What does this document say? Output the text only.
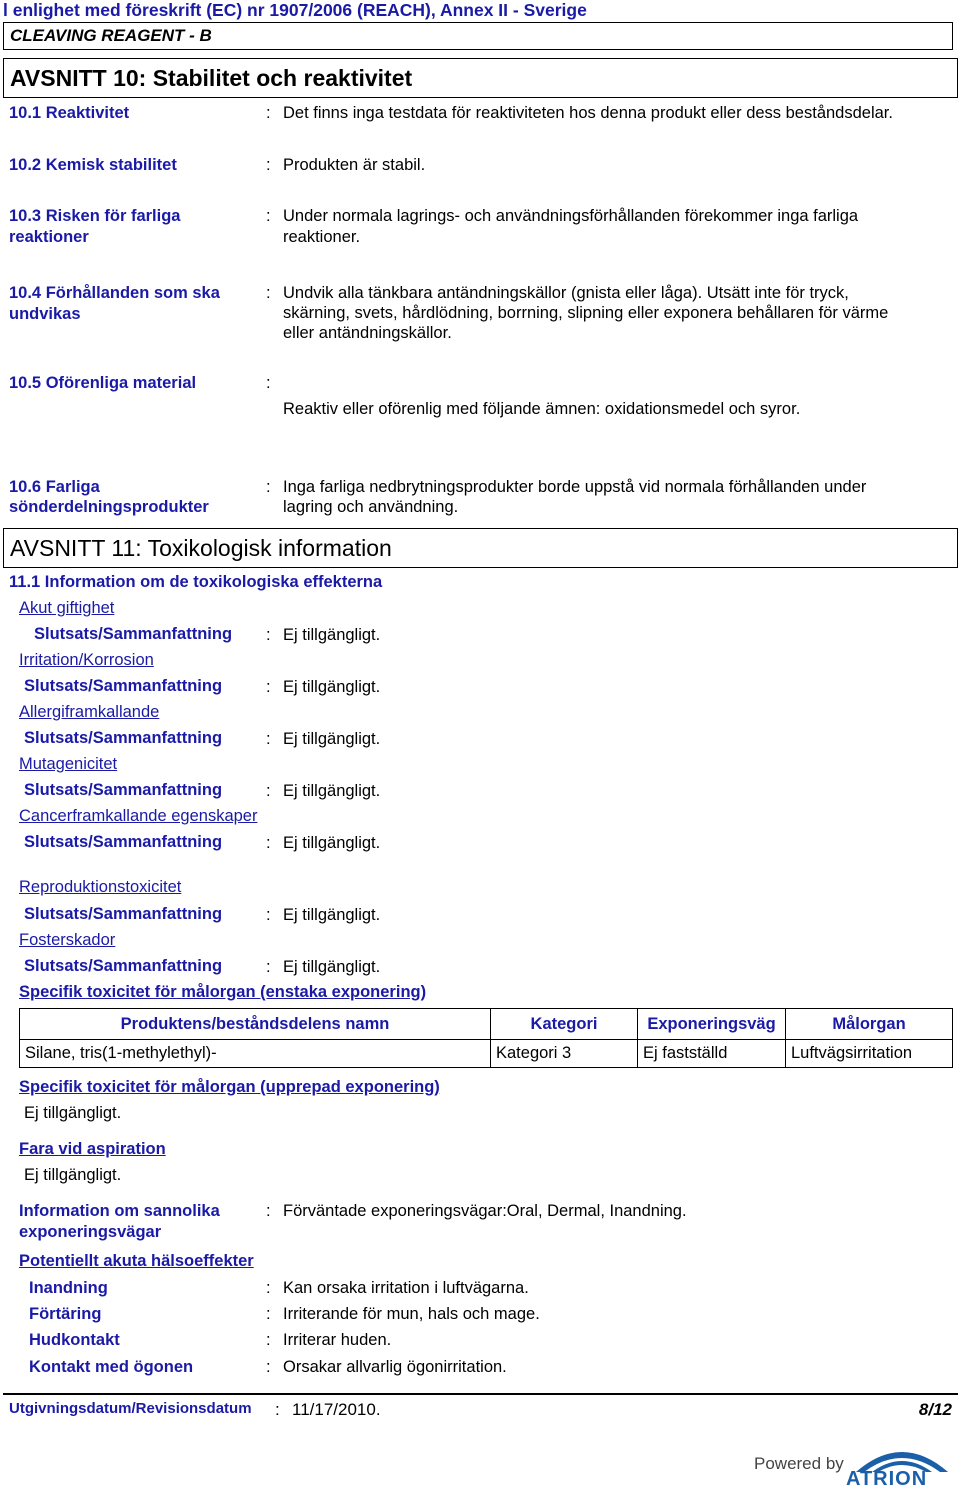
l enlighet med föreskrift (EC) nr 1907/2006 (REACH), Annex II - Sverige
CLEAVING REAGENT - B
AVSNITT 10: Stabilitet och reaktivitet
10.1 Reaktivitet	: Det finns inga testdata för reaktiviteten hos denna produkt eller dess beståndsdelar.
10.2 Kemisk stabilitet	: Produkten är stabil.
10.3 Risken för farliga
reaktioner
: Under normala lagrings- och användningsförhållanden förekommer inga farliga
reaktioner.
10.4 Förhållanden som ska
undvikas
: Undvik alla tänkbara antändningskällor (gnista eller låga). Utsätt inte för tryck,
skärning, svets, hårdlödning, borrning, slipning eller exponera behållaren för värme
eller antändningskällor.
10.5 Oförenliga material	:
Reaktiv eller oförenlig med följande ämnen: oxidationsmedel och syror.
10.6 Farliga
sönderdelningsprodukter
: Inga farliga nedbrytningsprodukter borde uppstå vid normala förhållanden under
lagring och användning.
AVSNITT 11: Toxikologisk information
11.1 Information om de toxikologiska effekterna
Akut giftighet
Slutsats/Sammanfattning : Ej tillgängligt.
Irritation/Korrosion
Slutsats/Sammanfattning	: Ej tillgängligt.
Allergiframkallande
Slutsats/Sammanfattning	: Ej tillgängligt.
Mutagenicitet
Slutsats/Sammanfattning	: Ej tillgängligt.
Cancerframkallande egenskaper
Slutsats/Sammanfattning	: Ej tillgängligt.
Reproduktionstoxicitet
Slutsats/Sammanfattning	: Ej tillgängligt.
Fosterskador
Slutsats/Sammanfattning	: Ej tillgängligt.
Specifik toxicitet för målorgan (enstaka exponering)
Produktens/beståndsdelens namn	Kategori	Exponeringsväg	Målorgan
Silane, tris(1-methylethyl)-	Kategori 3	Ej fastställd	Luftvägsirritation
Specifik toxicitet för målorgan (upprepad exponering)
Ej tillgängligt.
Fara vid aspiration
Ej tillgängligt.
Information om sannolika
exponeringsvägar
: Förväntade exponeringsvägar:Oral, Dermal, Inandning.
Potentiellt akuta hälsoeffekter
Inandning	: Kan orsaka irritation i luftvägarna.
Förtäring	: Irriterande för mun, hals och mage.
Hudkontakt	: Irriterar huden.
Kontakt med ögonen	: Orsakar allvarlig ögonirritation.
Utgivningsdatum/Revisionsdatum : 11/17/2010.	8/12
Powered by
ATRION
